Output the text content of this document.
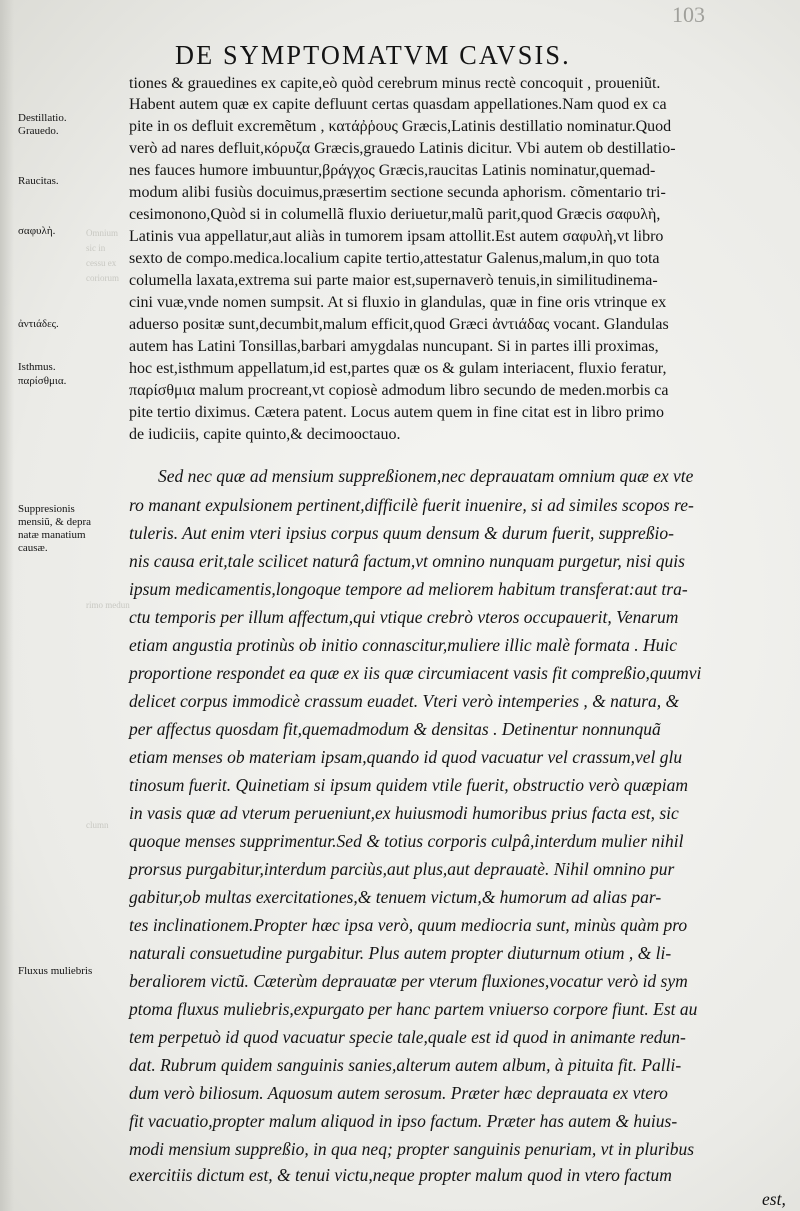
103
DE SYMPTOMATVM CAVSIS.
Omnium
sic in
cessu ex
coriorum
rimo medun
clumn
Destillatio.
Grauedo.
Raucitas.
σαφυλὴ.
ἀντιάδες.
Isthmus.
παρίσθμια.
Suppresionis
mensiũ, & depra
natæ manatium
causæ.
Fluxus muliebris
tiones & grauedines ex capite,eò quòd cerebrum minus rectè concoquit , proueniũt.
Habent autem quæ ex capite defluunt certas quasdam appellationes.Nam quod ex ca
pite in os defluit excremẽtum , κατάῤῥους Græcis,Latinis destillatio nominatur.Quod
verò ad nares defluit,κόρυζα Græcis,grauedo Latinis dicitur. Vbi autem ob destillatio-
nes fauces humore imbuuntur,βράγχος Græcis,raucitas Latinis nominatur,quemad-
modum alibi fusiùs docuimus,præsertim sectione secunda aphorism. cõmentario tri-
cesimonono,Quòd si in columellã fluxio deriuetur,malũ parit,quod Græcis σαφυλὴ,
Latinis vua appellatur,aut aliàs in tumorem ipsam attollit.Est autem σαφυλὴ,vt libro
sexto de compo.medica.localium capite tertio,attestatur Galenus,malum,in quo tota
columella laxata,extrema sui parte maior est,supernaverò tenuis,in similitudinema-
cini vuæ,vnde nomen sumpsit. At si fluxio in glandulas, quæ in fine oris vtrinque ex
aduerso positæ sunt,decumbit,malum efficit,quod Græci ἀντιάδας vocant. Glandulas
autem has Latini Tonsillas,barbari amygdalas nuncupant. Si in partes illi proximas,
hoc est,isthmum appellatum,id est,partes quæ os & gulam interiacent, fluxio feratur,
παρίσθμια malum procreant,vt copiosè admodum libro secundo de meden.morbis ca
pite tertio diximus. Cætera patent. Locus autem quem in fine citat est in libro primo
de iudiciis, capite quinto,& decimooctauo.
Sed nec quæ ad mensium suppreßionem,nec deprauatam omnium quæ ex vte
ro manant expulsionem pertinent,difficilè fuerit inuenire, si ad similes scopos re-
tuleris. Aut enim vteri ipsius corpus quum densum & durum fuerit, suppreßio-
nis causa erit,tale scilicet naturâ factum,vt omnino nunquam purgetur, nisi quis
ipsum medicamentis,longoque tempore ad meliorem habitum transferat:aut tra-
ctu temporis per illum affectum,qui vtique crebrò vteros occupauerit, Venarum
etiam angustia protinùs ob initio connascitur,muliere illic malè formata . Huic
proportione respondet ea quæ ex iis quæ circumiacent vasis fit compreßio,quumvi
delicet corpus immodicè crassum euadet. Vteri verò intemperies , & natura, &
per affectus quosdam fit,quemadmodum & densitas . Detinentur nonnunquã
etiam menses ob materiam ipsam,quando id quod vacuatur vel crassum,vel glu
tinosum fuerit. Quinetiam si ipsum quidem vtile fuerit, obstructio verò quæpiam
in vasis quæ ad vterum perueniunt,ex huiusmodi humoribus prius facta est, sic
quoque menses supprimentur.Sed & totius corporis culpâ,interdum mulier nihil
prorsus purgabitur,interdum parciùs,aut plus,aut deprauatè. Nihil omnino pur
gabitur,ob multas exercitationes,& tenuem victum,& humorum ad alias par-
tes inclinationem.Propter hæc ipsa verò, quum mediocria sunt, minùs quàm pro
naturali consuetudine purgabitur. Plus autem propter diuturnum otium , & li-
beraliorem victũ. Cæterùm deprauatæ per vterum fluxiones,vocatur verò id sym
ptoma fluxus muliebris,expurgato per hanc partem vniuerso corpore fiunt. Est au
tem perpetuò id quod vacuatur specie tale,quale est id quod in animante redun-
dat. Rubrum quidem sanguinis sanies,alterum autem album, à pituita fit. Palli-
dum verò biliosum. Aquosum autem serosum. Præter hæc deprauata ex vtero
fit vacuatio,propter malum aliquod in ipso factum. Præter has autem & huius-
modi mensium suppreßio, in qua neq; propter sanguinis penuriam, vt in pluribus
exercitiis dictum est, & tenui victu,neque propter malum quod in vtero factum
est,
